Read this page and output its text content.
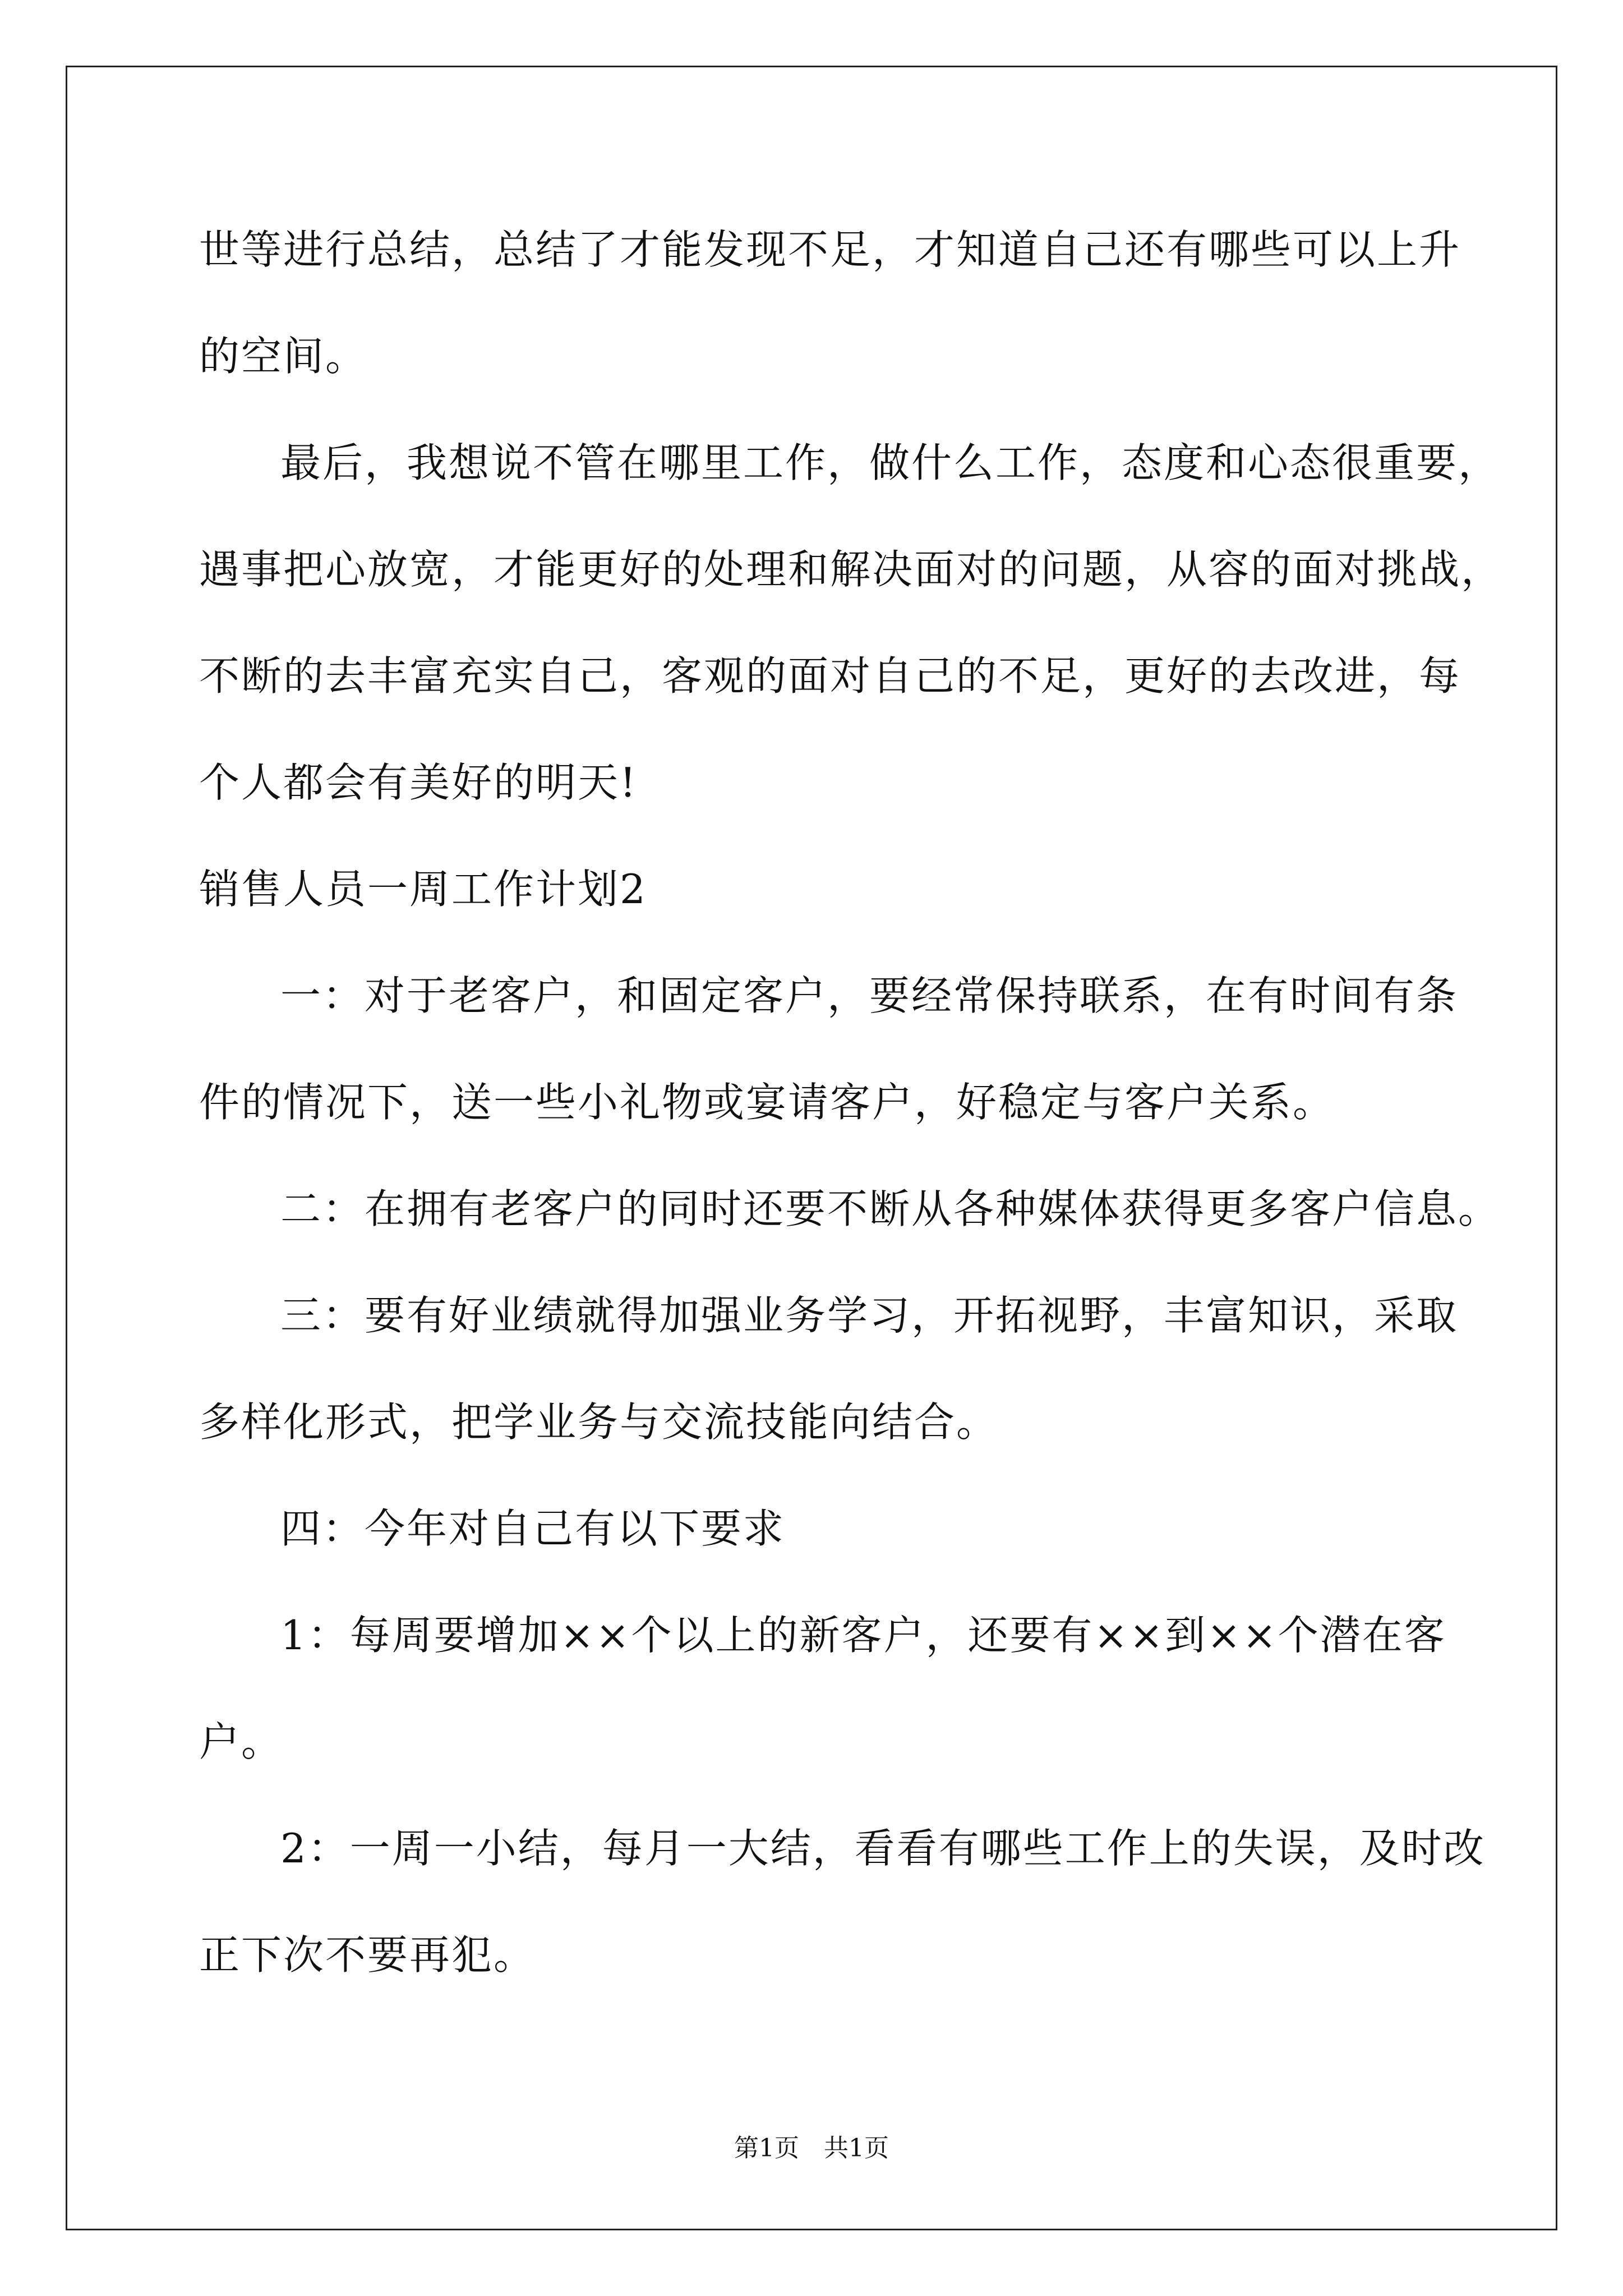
世等进行总结，总结了才能发现不足，才知道自己还有哪些可以上升
的空间。
最后，我想说不管在哪里工作，做什么工作，态度和心态很重要，
遇事把心放宽，才能更好的处理和解决面对的问题，从容的面对挑战，
不断的去丰富充实自己，客观的面对自己的不足，更好的去改进，每
个人都会有美好的明天!
销售人员一周工作计划2
一：对于老客户，和固定客户，要经常保持联系，在有时间有条
件的情况下，送一些小礼物或宴请客户，好稳定与客户关系。
二：在拥有老客户的同时还要不断从各种媒体获得更多客户信息。
三：要有好业绩就得加强业务学习，开拓视野，丰富知识，采取
多样化形式，把学业务与交流技能向结合。
四：今年对自己有以下要求
1：每周要增加××个以上的新客户，还要有××到××个潜在客
户。
2：一周一小结，每月一大结，看看有哪些工作上的失误，及时改
正下次不要再犯。
第1页　共1页
